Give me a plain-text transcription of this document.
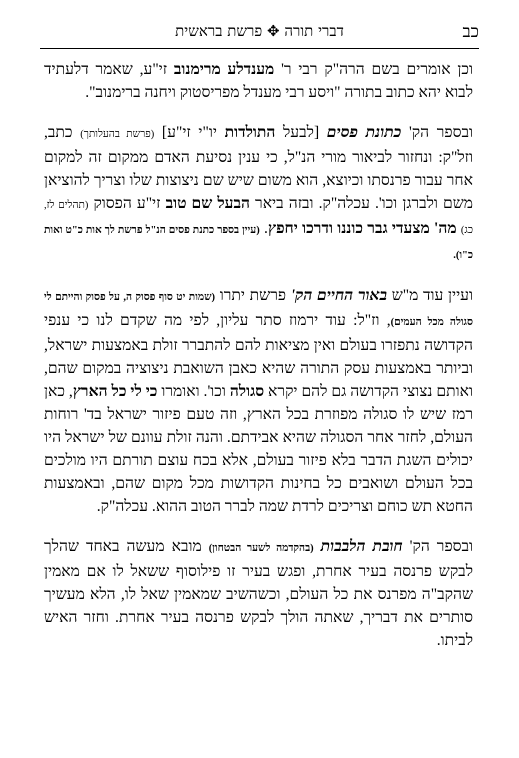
כב
דברי תורה ✥ פרשת בראשית

וכן אומרים בשם הרה"ק רבי ר' מענדלע מרימנוב זי"ע, שאמר דלעתיד לבוא יהא כתוב בתורה "ויסע רבי מענדל מפריסטוק ויחנה ברימנוב".

ובספר הק' כתונת פסים [לבעל התולדות יו"י זי"ע] (פרשת בהעלותך) כתב, וזל"ק: ונחזור לביאור מורי הנ"ל, כי ענין נסיעת האדם ממקום זה למקום אחר עבור פרנסתו וכיוצא, הוא משום שיש שם ניצוצות שלו וצריך להוציאן משם ולברגן וכו'. עכלה"ק. ובזה ביאר הבעל שם טוב זי"ע הפסוק (תהלים לז, כג) מה' מצעדי גבר כוננו ודרכו יחפץ. (עיין בספר כתנת פסים הנ"ל פרשת לך אות כ"ט ואות כ"ו).

ועיין עוד מ"ש באור החיים הק' פרשת יתרו (שמות יט סוף פסוק ה, על פסוק והייתם לי סגולה מכל העמים), וז"ל: עוד ירמוז סתר עליון, לפי מה שקדם לנו כי ענפי הקדושה נתפזרו בעולם ואין מציאות להם להתברר זולת באמצעות ישראל, וביותר באמצעות עסק התורה שהיא כאבן השואבת ניצוציה במקום שהם, ואותם נצוצי הקדושה גם להם יקרא סגולה וכו'. ואומרו כי לי כל הארץ, כאן רמז שיש לו סגולה מפוזרת בכל הארץ, וזה טעם פיזור ישראל בד' רוחות העולם, לחזר אחר הסגולה שהיא אבידתם. והנה זולת עוונם של ישראל היו יכולים השגת הדבר בלא פיזור בעולם, אלא בכח עוצם תורתם היו מולכים בכל העולם ושואבים כל בחינות הקדושות מכל מקום שהם, ובאמצעות החטא תש כוחם וצריכים לרדת שמה לברר הטוב ההוא. עכלה"ק.

ובספר הק' חובת הלבבות (בהקדמה לשער הבטחון) מובא מעשה באחד שהלך לבקש פרנסה בעיר אחרת, ופגש בעיר זו פילוסוף ששאל לו אם מאמין שהקב"ה מפרנס את כל העולם, וכשהשיב שמאמין שאל לו, הלא מעשיך סותרים את דבריך, שאתה הולך לבקש פרנסה בעיר אחרת. וחזר האיש לביתו.
